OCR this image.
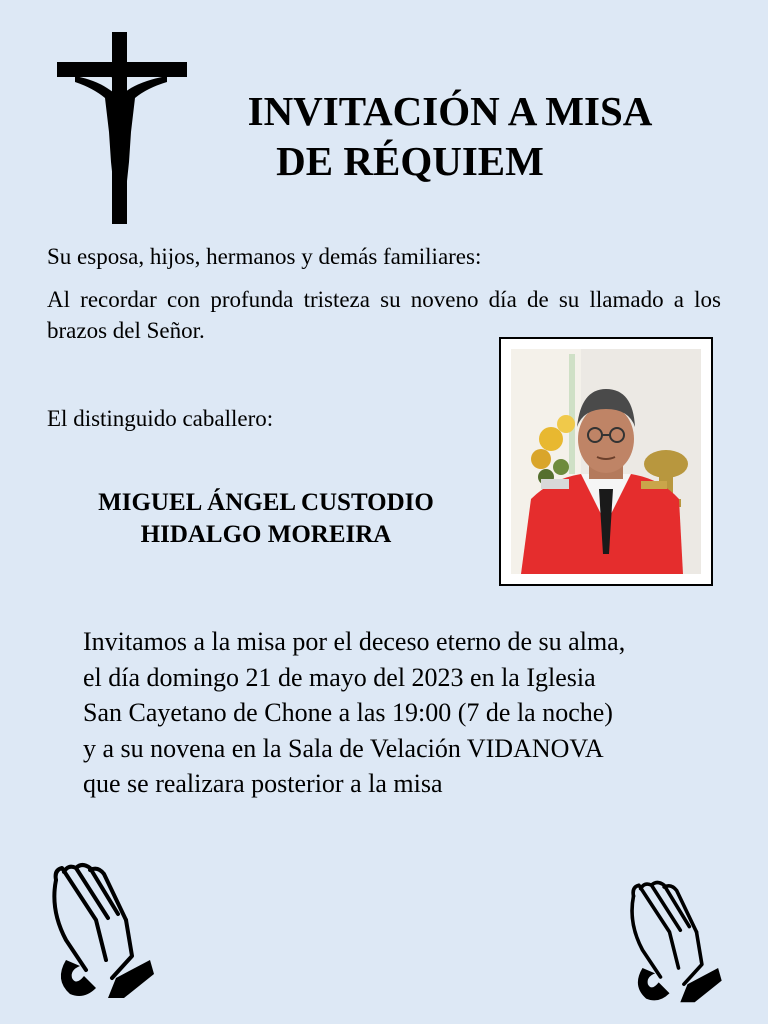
INVITACIÓN A MISA
DE RÉQUIEM
Su esposa, hijos, hermanos y demás familiares:
Al recordar con profunda tristeza su noveno día de su llamado a los brazos del Señor.
El distinguido caballero:
MIGUEL ÁNGEL CUSTODIO
HIDALGO MOREIRA
Invitamos a la misa por el deceso eterno de su alma,
el día domingo 21 de mayo del 2023 en la Iglesia
San Cayetano de Chone a las 19:00 (7 de la noche)
y a su novena en la Sala de Velación VIDANOVA
que se realizara posterior a la misa
